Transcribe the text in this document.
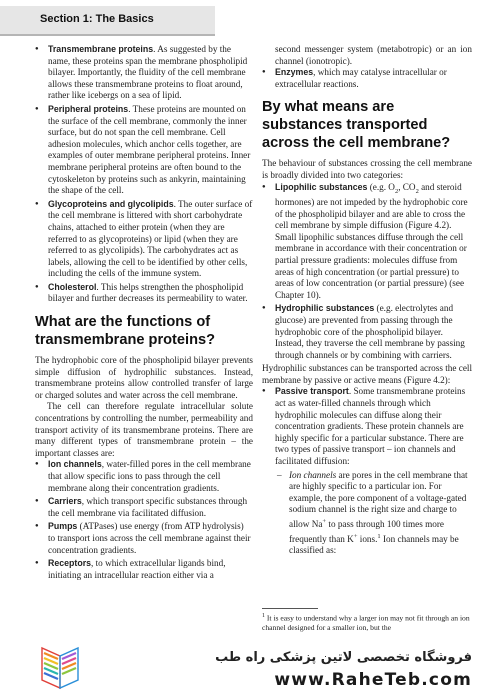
Section 1: The Basics
● Transmembrane proteins. As suggested by the name, these proteins span the membrane phospholipid bilayer. Importantly, the fluidity of the cell membrane allows these transmembrane proteins to float around, rather like icebergs on a sea of lipid.
● Peripheral proteins. These proteins are mounted on the surface of the cell membrane, commonly the inner surface, but do not span the cell membrane. Cell adhesion molecules, which anchor cells together, are examples of outer membrane peripheral proteins. Inner membrane peripheral proteins are often bound to the cytoskeleton by proteins such as ankyrin, maintaining the shape of the cell.
● Glycoproteins and glycolipids. The outer surface of the cell membrane is littered with short carbohydrate chains, attached to either protein (when they are referred to as glycoproteins) or lipid (when they are referred to as glycolipids). The carbohydrates act as labels, allowing the cell to be identified by other cells, including the cells of the immune system.
● Cholesterol. This helps strengthen the phospholipid bilayer and further decreases its permeability to water.
What are the functions of transmembrane proteins?

The hydrophobic core of the phospholipid bilayer prevents simple diffusion of hydrophilic substances. Instead, transmembrane proteins allow controlled transfer of large or charged solutes and water across the cell membrane.

The cell can therefore regulate intracellular solute concentrations by controlling the number, permeability and transport activity of its transmembrane proteins. There are many different types of transmembrane protein – the important classes are:

● Ion channels, water-filled pores in the cell membrane that allow specific ions to pass through the cell membrane along their concentration gradients.
● Carriers, which transport specific substances through the cell membrane via facilitated diffusion.
● Pumps (ATPases) use energy (from ATP hydrolysis) to transport ions across the cell membrane against their concentration gradients.
● Receptors, to which extracellular ligands bind, initiating an intracellular reaction either via a

second messenger system (metabotropic) or an ion channel (ionotropic).

● Enzymes, which may catalyse intracellular or extracellular reactions.
By what means are substances transported across the cell membrane?

The behaviour of substances crossing the cell membrane is broadly divided into two categories:

● Lipophilic substances (e.g. $O_2$, $CO_2$ and steroid hormones) are not impeded by the hydrophobic core of the phospholipid bilayer and are able to cross the cell membrane by simple diffusion (Figure 4.2). Small lipophilic substances diffuse through the cell membrane in accordance with their concentration or partial pressure gradients: molecules diffuse from areas of high concentration (or partial pressure) to areas of low concentration (or partial pressure) (see Chapter 10).
● Hydrophilic substances (e.g. electrolytes and glucose) are prevented from passing through the hydrophobic core of the phospholipid bilayer. Instead, they traverse the cell membrane by passing through channels or by combining with carriers.

Hydrophilic substances can be transported across the cell membrane by passive or active means (Figure 4.2):

● Passive transport. Some transmembrane proteins act as water-filled channels through which hydrophilic molecules can diffuse along their concentration gradients. These protein channels are highly specific for a particular substance. There are two types of passive transport – ion channels and facilitated diffusion:
– Ion channels are pores in the cell membrane that are highly specific to a particular ion. For example, the pore component of a voltage-gated sodium channel is the right size and charge to allow Na+ to pass through 100 times more frequently than K+ ions.$^1$ Ion channels may be classified as:
$^1$ It is easy to understand why a larger ion may not fit through an ion channel designed for a smaller ion, but the
فروشگاه تخصصی لاتین پزشکی راه طب
www.RaheTeb.com
